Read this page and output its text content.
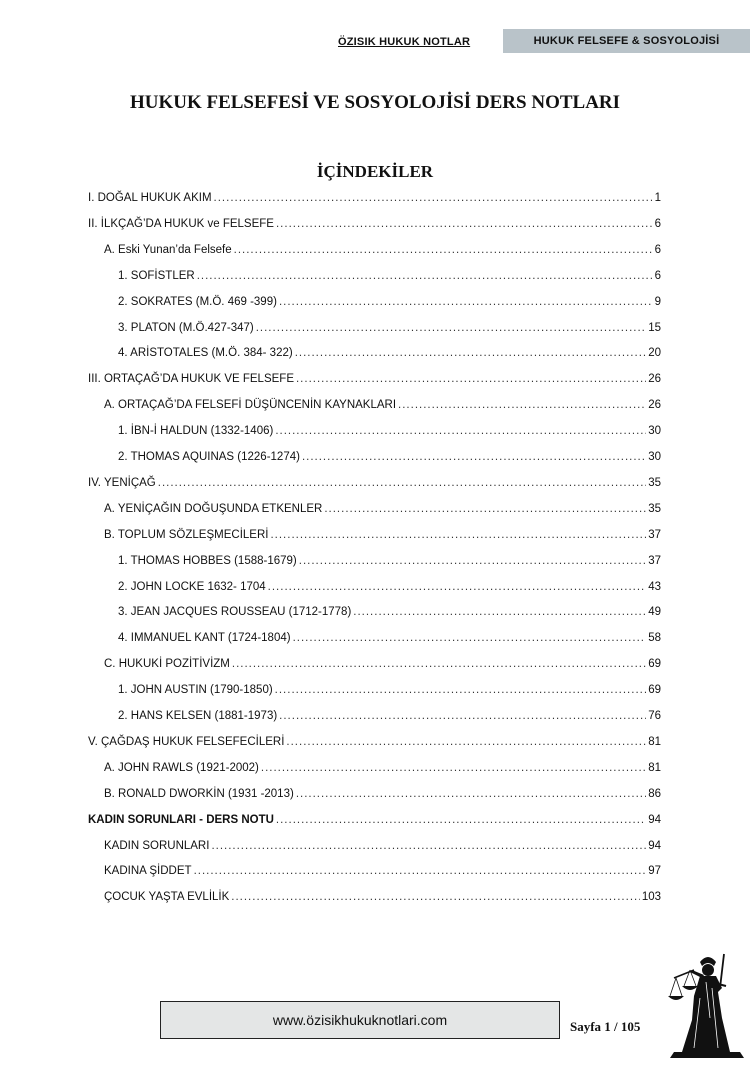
ÖZISIK HUKUK NOTLAR	HUKUK FELSEFE & SOSYOLOJİSİ
HUKUK FELSEFESİ VE SOSYOLOJİSİ DERS NOTLARI
İÇİNDEKİLER
I. DOĞAL HUKUK AKIM .....	1
II. İLKÇAĞ’DA HUKUK ve FELSEFE .....	6
A. Eski Yunan’da Felsefe .....	6
1. SOFİSTLER .....	6
2. SOKRATES (M.Ö. 469 -399) .....	9
3. PLATON (M.Ö.427-347) .....	15
4. ARİSTOTALES (M.Ö. 384- 322) .....	20
III. ORTAÇAĞ’DA HUKUK VE FELSEFE .....	26
A. ORTAÇAĞ’DA FELSEFİ DÜŞÜNCENİN KAYNAKLARI .....	26
1. İBN-İ HALDUN (1332-1406) .....	30
2. THOMAS AQUINAS (1226-1274) .....	30
IV. YENİÇAĞ .....	35
A. YENİÇAĞIN DOĞUŞUNDA ETKENLER .....	35
B. TOPLUM SÖZLEŞMECİLERİ .....	37
1. THOMAS HOBBES (1588-1679) .....	37
2. JOHN LOCKE 1632- 1704 .....	43
3. JEAN JACQUES ROUSSEAU (1712-1778) .....	49
4. IMMANUEL KANT (1724-1804) .....	58
C. HUKUKİ POZİTİVİZM .....	69
1. JOHN AUSTIN (1790-1850) .....	69
2. HANS KELSEN (1881-1973) .....	76
V. ÇAĞDAŞ HUKUK FELSEFECİLERİ .....	81
A. JOHN RAWLS (1921-2002) .....	81
B. RONALD DWORKİN (1931 -2013) .....	86
KADIN SORUNLARI - DERS NOTU .....	94
KADIN SORUNLARI .....	94
KADINA ŞİDDET .....	97
ÇOCUK YAŞTA EVLİLİK .....	103
www.özisikhukuknotlari.com	Sayfa 1 / 105
